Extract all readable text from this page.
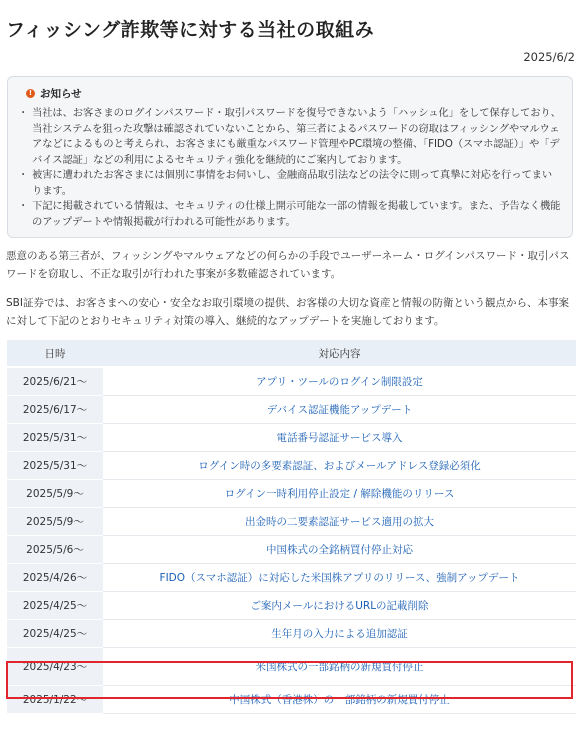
フィッシング詐欺等に対する当社の取組み
2025/6/2
! お知らせ
・ 当社は、お客さまのログインパスワード・取引パスワードを復号できないよう「ハッシュ化」をして保存しており、当社システムを狙った攻撃は確認されていないことから、第三者によるパスワードの窃取はフィッシングやマルウェアなどによるものと考えられ、お客さまにも厳重なパスワード管理やPC環境の整備、「FIDO（スマホ認証）」や「デバイス認証」などの利用によるセキュリティ強化を継続的にご案内しております。
・ 被害に遭われたお客さまには個別に事情をお伺いし、金融商品取引法などの法令に則って真摯に対応を行ってまいります。
・ 下記に掲載されている情報は、セキュリティの仕様上開示可能な一部の情報を掲載しています。また、予告なく機能のアップデートや情報掲載が行われる可能性があります。

悪意のある第三者が、フィッシングやマルウェアなどの何らかの手段でユーザーネーム・ログインパスワード・取引パスワードを窃取し、不正な取引が行われた事案が多数確認されています。

SBI証券では、お客さまへの安心・安全なお取引環境の提供、お客様の大切な資産と情報の防衛という観点から、本事案に対して下記のとおりセキュリティ対策の導入、継続的なアップデートを実施しております。

日時	対応内容
2025/6/21～	アプリ・ツールのログイン制限設定
2025/6/17～	デバイス認証機能アップデート
2025/5/31～	電話番号認証サービス導入
2025/5/31～	ログイン時の多要素認証、およびメールアドレス登録必須化
2025/5/9～	ログイン一時利用停止設定 / 解除機能のリリース
2025/5/9～	出金時の二要素認証サービス適用の拡大
2025/5/6～	中国株式の全銘柄買付停止対応
2025/4/26～	FIDO（スマホ認証）に対応した米国株アプリのリリース、強制アップデート
2025/4/25～	ご案内メールにおけるURLの記載削除
2025/4/25～	生年月の入力による追加認証
2025/4/23～	米国株式の一部銘柄の新規買付停止
2025/1/22～	中国株式（香港株）の一部銘柄の新規買付停止
